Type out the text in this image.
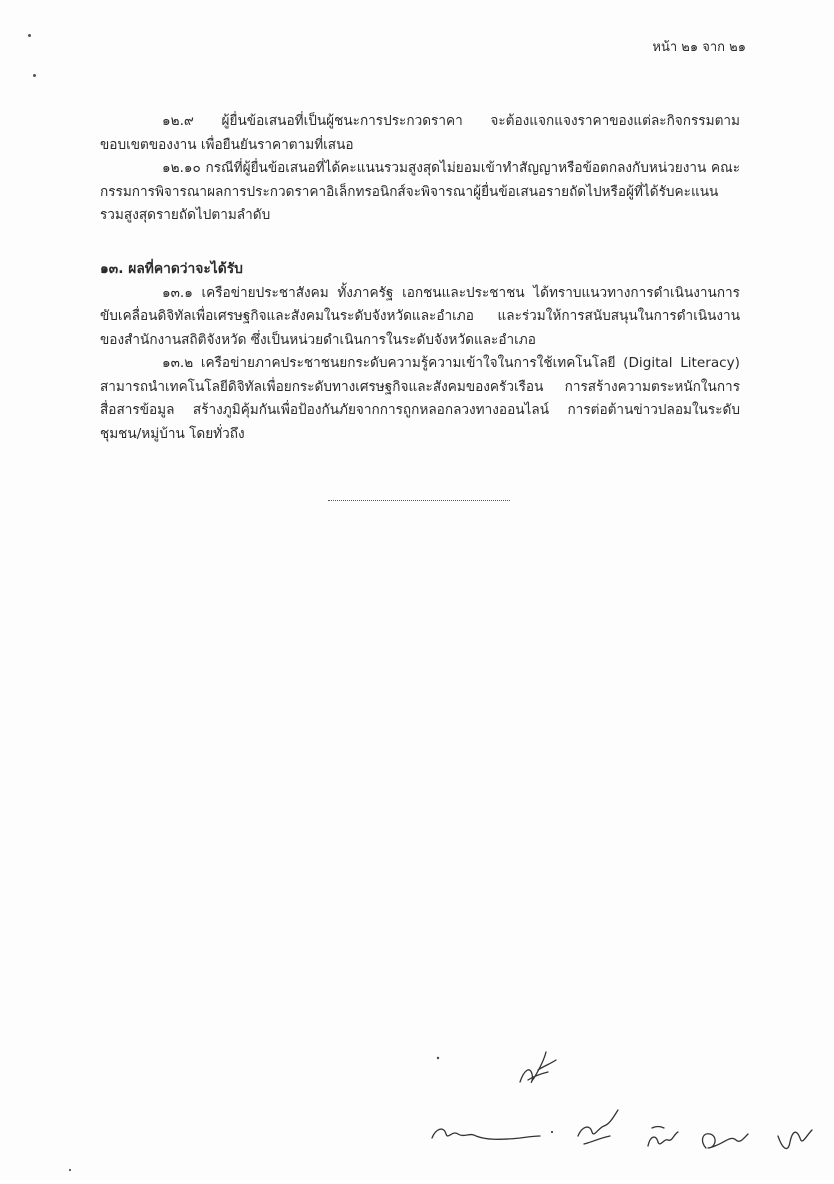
หน้า ๒๑ จาก ๒๑

๑๒.๙ ผู้ยื่นข้อเสนอที่เป็นผู้ชนะการประกวดราคา จะต้องแจกแจงราคาของแต่ละกิจกรรมตามขอบเขตของงาน เพื่อยืนยันราคาตามที่เสนอ

๑๒.๑๐ กรณีที่ผู้ยื่นข้อเสนอที่ได้คะแนนรวมสูงสุดไม่ยอมเข้าทำสัญญาหรือข้อตกลงกับหน่วยงาน คณะกรรมการพิจารณาผลการประกวดราคาอิเล็กทรอนิกส์จะพิจารณาผู้ยื่นข้อเสนอรายถัดไปหรือผู้ที่ได้รับคะแนนรวมสูงสุดรายถัดไปตามลำดับ

๑๓. ผลที่คาดว่าจะได้รับ

๑๓.๑ เครือข่ายประชาสังคม ทั้งภาครัฐ เอกชนและประชาชน ได้ทราบแนวทางการดำเนินงานการขับเคลื่อนดิจิทัลเพื่อเศรษฐกิจและสังคมในระดับจังหวัดและอำเภอ และร่วมให้การสนับสนุนในการดำเนินงานของสำนักงานสถิติจังหวัด ซึ่งเป็นหน่วยดำเนินการในระดับจังหวัดและอำเภอ

๑๓.๒ เครือข่ายภาคประชาชนยกระดับความรู้ความเข้าใจในการใช้เทคโนโลยี (Digital Literacy) สามารถนำเทคโนโลยีดิจิทัลเพื่อยกระดับทางเศรษฐกิจและสังคมของครัวเรือน การสร้างความตระหนักในการสื่อสารข้อมูล สร้างภูมิคุ้มกันเพื่อป้องกันภัยจากการถูกหลอกลวงทางออนไลน์ การต่อต้านข่าวปลอมในระดับชุมชน/หมู่บ้าน โดยทั่วถึง
